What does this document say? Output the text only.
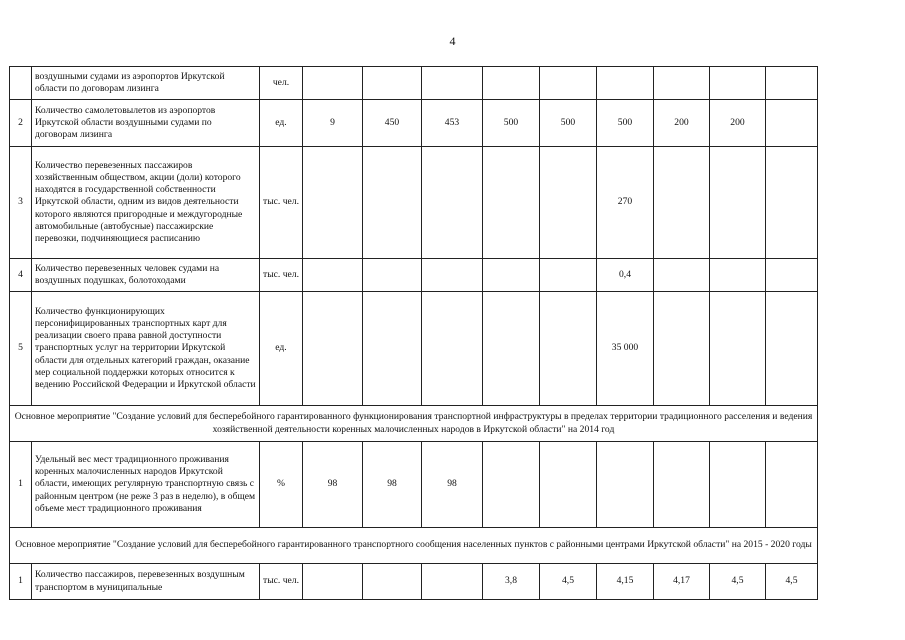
4
	воздушными судами из аэропортов Иркутской области по договорам лизинга	чел.									
2	Количество самолетовылетов из аэропортов Иркутской области воздушными судами по договорам лизинга	ед.	9	450	453	500	500	500	200	200	
3	Количество перевезенных пассажиров хозяйственным обществом, акции (доли) которого находятся в государственной собственности Иркутской области, одним из видов деятельности которого являются пригородные и междугородные автомобильные (автобусные) пассажирские перевозки, подчиняющиеся расписанию	тыс. чел.						270			
4	Количество перевезенных человек судами на воздушных подушках, болотоходами	тыс. чел.						0,4			
5	Количество функционирующих персонифицированных транспортных карт для реализации своего права равной доступности транспортных услуг на территории Иркутской области для отдельных категорий граждан, оказание мер социальной поддержки которых относится к ведению Российской Федерации и Иркутской области	ед.						35 000			
Основное мероприятие "Создание условий для бесперебойного гарантированного функционирования транспортной инфраструктуры в пределах территории традиционного расселения и ведения хозяйственной деятельности коренных малочисленных народов в Иркутской области" на 2014 год											
1	Удельный вес мест традиционного проживания коренных малочисленных народов Иркутской области, имеющих регулярную транспортную связь с районным центром (не реже 3 раз в неделю), в общем объеме мест традиционного проживания	%	98	98	98						
Основное мероприятие "Создание условий для бесперебойного гарантированного транспортного сообщения населенных пунктов с районными центрами Иркутской области" на 2015 - 2020 годы											
1	Количество пассажиров, перевезенных воздушным транспортом в муниципальные	тыс. чел.				3,8	4,5	4,15	4,17	4,5	4,5
